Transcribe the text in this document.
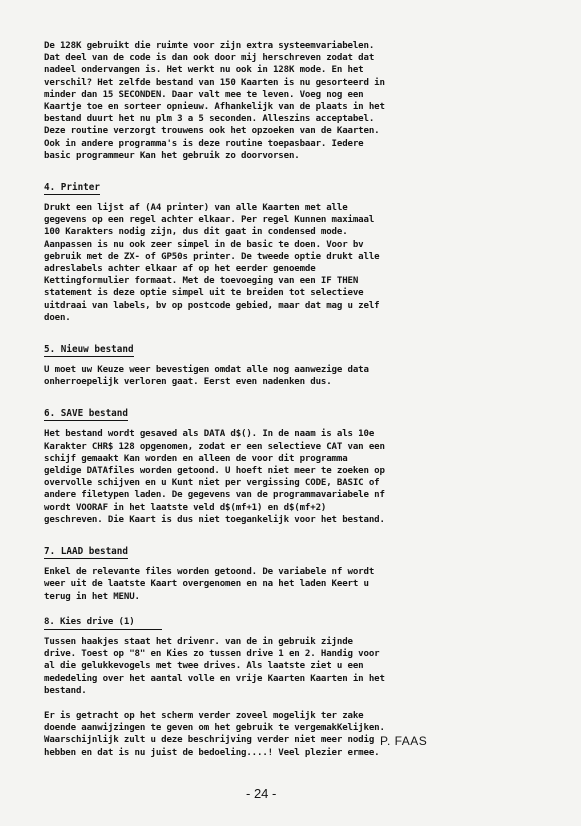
De 128K gebruikt die ruimte voor zijn extra systeemvariabelen.
Dat deel van de code is dan ook door mij herschreven zodat dat
nadeel ondervangen is. Het werkt nu ook in 128K mode. En het
verschil? Het zelfde bestand van 150 Kaarten is nu gesorteerd in
minder dan 15 SECONDEN. Daar valt mee te leven. Voeg nog een
Kaartje toe en sorteer opnieuw. Afhankelijk van de plaats in het
bestand duurt het nu plm 3 a 5 seconden. Alleszins acceptabel.
Deze routine verzorgt trouwens ook het opzoeken van de Kaarten.
Ook in andere programma's is deze routine toepasbaar. Iedere
basic programmeur Kan het gebruik zo doorvorsen.

4. Printer

Drukt een lijst af (A4 printer) van alle Kaarten met alle
gegevens op een regel achter elkaar. Per regel Kunnen maximaal
100 Karakters nodig zijn, dus dit gaat in condensed mode.
Aanpassen is nu ook zeer simpel in de basic te doen. Voor bv
gebruik met de ZX- of GP50s printer. De tweede optie drukt alle
adreslabels achter elkaar af op het eerder genoemde
Kettingformulier formaat. Met de toevoeging van een IF THEN
statement is deze optie simpel uit te breiden tot selectieve
uitdraai van labels, bv op postcode gebied, maar dat mag u zelf
doen.

5. Nieuw bestand

U moet uw Keuze weer bevestigen omdat alle nog aanwezige data
onherroepelijk verloren gaat. Eerst even nadenken dus.

6. SAVE bestand

Het bestand wordt gesaved als DATA d$(). In de naam is als 10e
Karakter CHR$ 128 opgenomen, zodat er een selectieve CAT van een
schijf gemaakt Kan worden en alleen de voor dit programma
geldige DATAfiles worden getoond. U hoeft niet meer te zoeken op
overvolle schijven en u Kunt niet per vergissing CODE, BASIC of
andere filetypen laden. De gegevens van de programmavariabele nf
wordt VOORAF in het laatste veld d$(mf+1) en d$(mf+2)
geschreven. Die Kaart is dus niet toegankelijk voor het bestand.

7. LAAD bestand

Enkel de relevante files worden getoond. De variabele nf wordt
weer uit de laatste Kaart overgenomen en na het laden Keert u
terug in het MENU.

8. Kies drive (1)

Tussen haakjes staat het drivenr. van de in gebruik zijnde
drive. Toest op "8" en Kies zo tussen drive 1 en 2. Handig voor
al die gelukkevogels met twee drives. Als laatste ziet u een
mededeling over het aantal volle en vrije Kaarten Kaarten in het
bestand.

Er is getracht op het scherm verder zoveel mogelijk ter zake
doende aanwijzingen te geven om het gebruik te vergemakKelijken.
Waarschijnlijk zult u deze beschrijving verder niet meer nodig
hebben en dat is nu juist de bedoeling....! Veel plezier ermee.

P. FAAS
- 24 -
